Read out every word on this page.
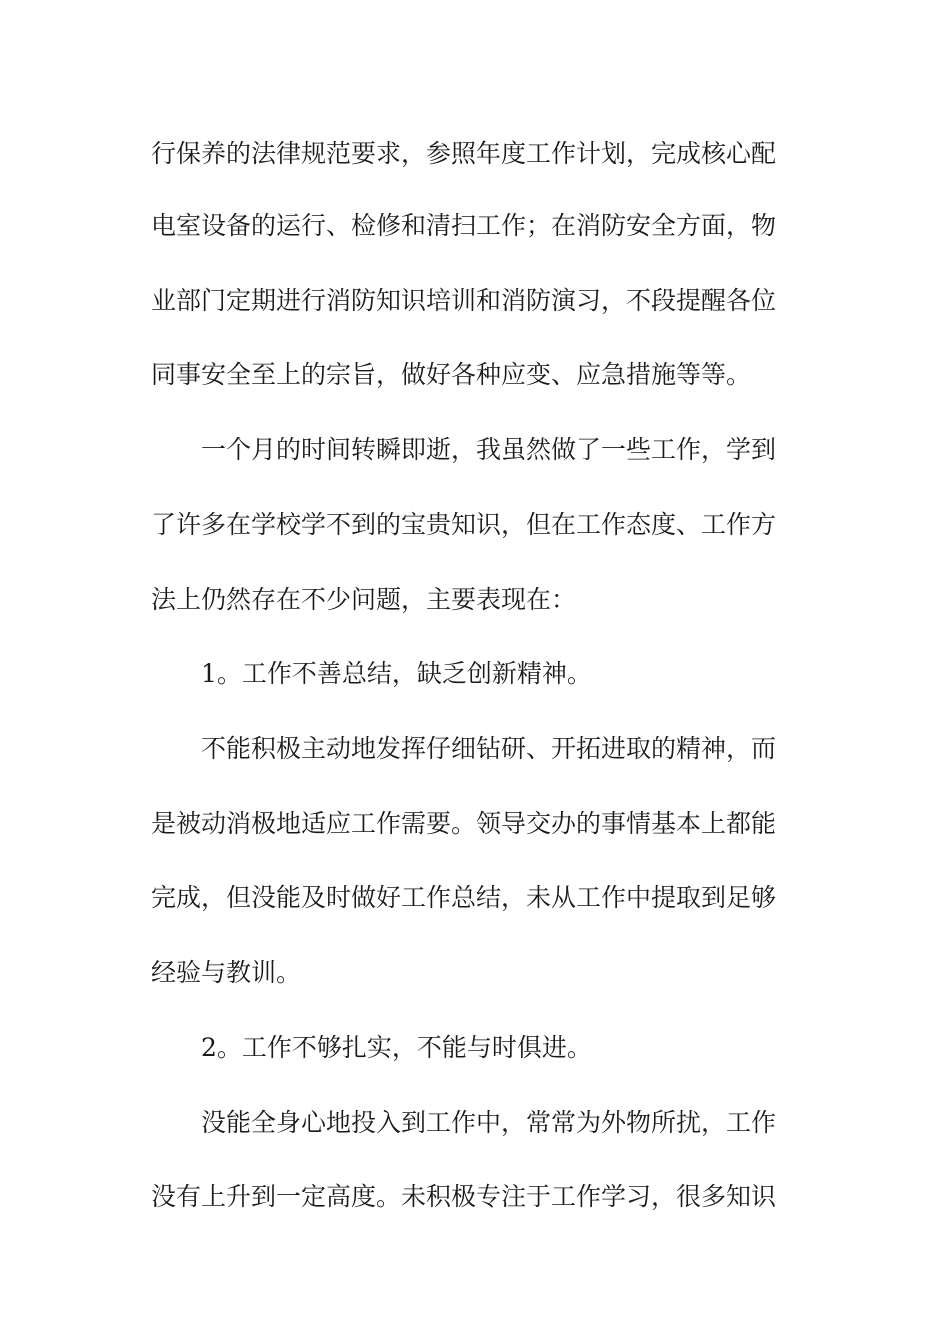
行保养的法律规范要求，参照年度工作计划，完成核心配
电室设备的运行、检修和清扫工作；在消防安全方面，物
业部门定期进行消防知识培训和消防演习，不段提醒各位
同事安全至上的宗旨，做好各种应变、应急措施等等。
一个月的时间转瞬即逝，我虽然做了一些工作，学到
了许多在学校学不到的宝贵知识，但在工作态度、工作方
法上仍然存在不少问题，主要表现在：
1。工作不善总结，缺乏创新精神。
不能积极主动地发挥仔细钻研、开拓进取的精神，而
是被动消极地适应工作需要。领导交办的事情基本上都能
完成，但没能及时做好工作总结，未从工作中提取到足够
经验与教训。
2。工作不够扎实，不能与时俱进。
没能全身心地投入到工作中，常常为外物所扰，工作
没有上升到一定高度。未积极专注于工作学习，很多知识
